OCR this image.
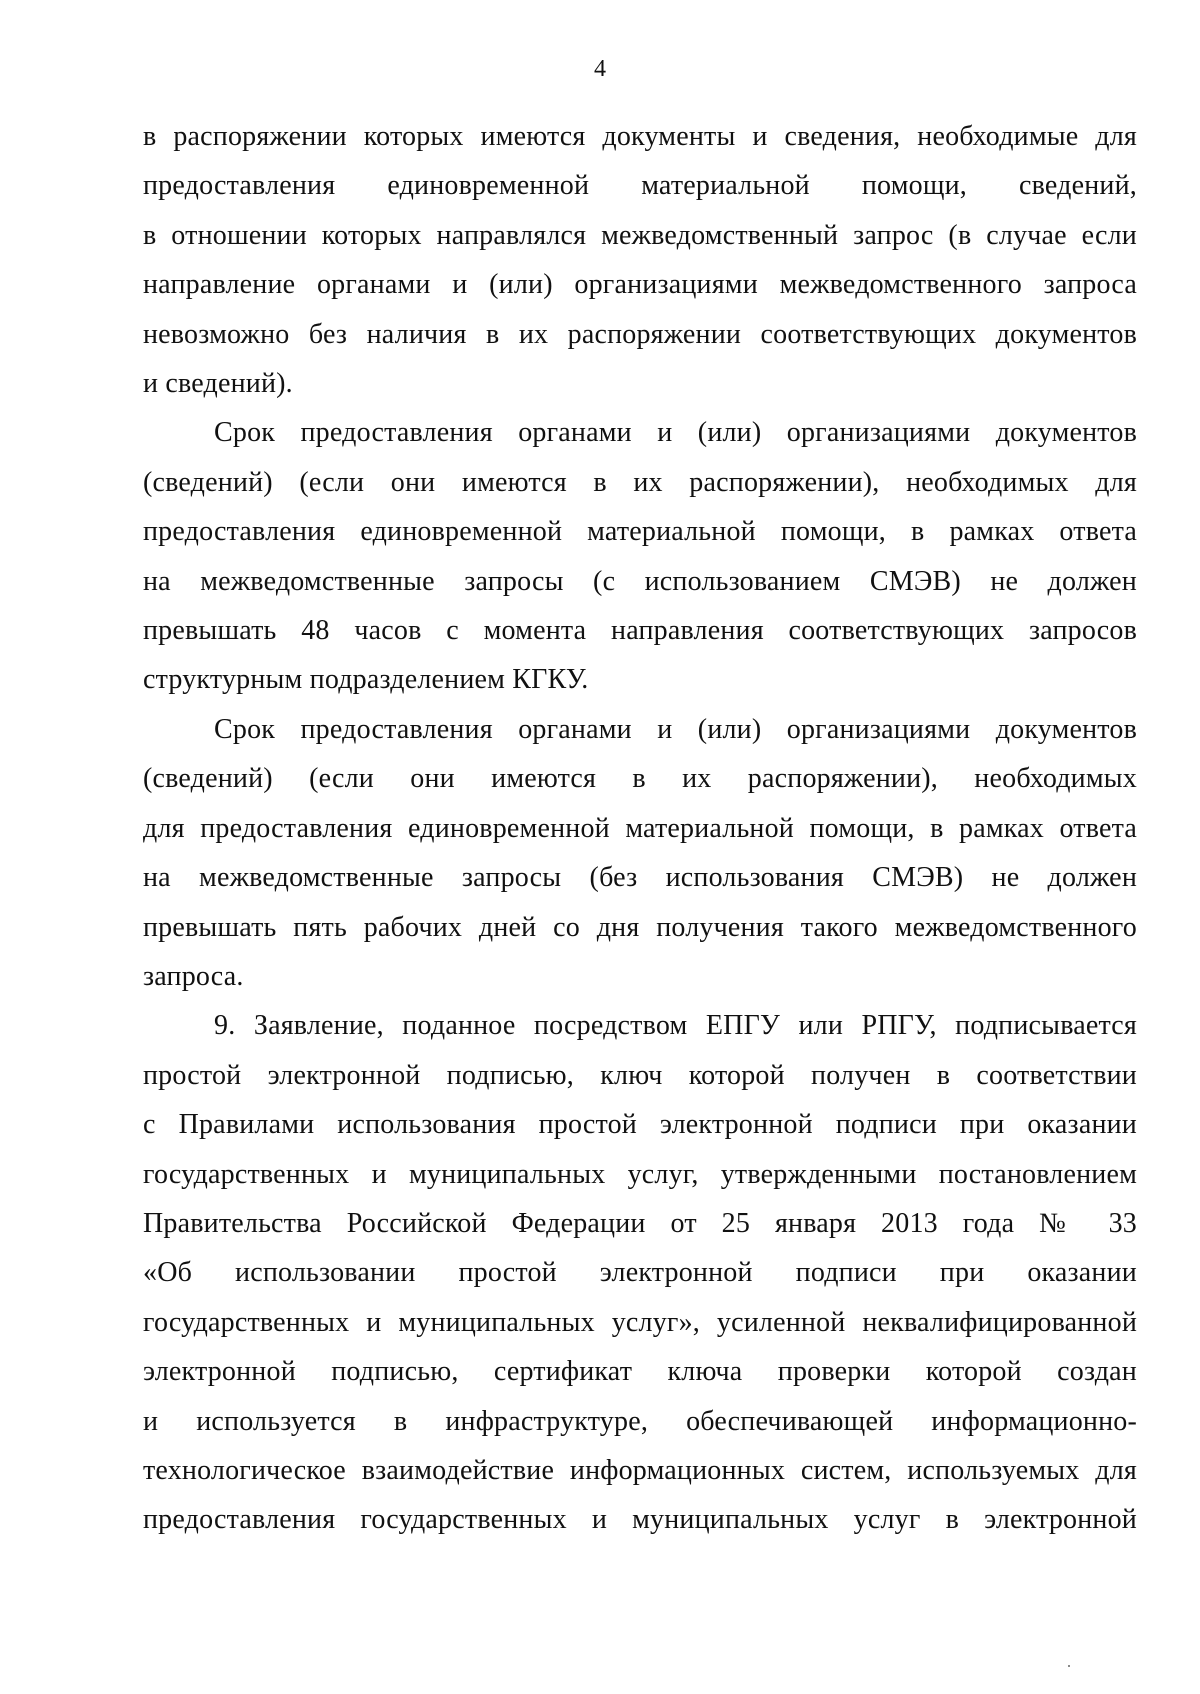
4

в распоряжении которых имеются документы и сведения, необходимые для
предоставления единовременной материальной помощи, сведений,
в отношении которых направлялся межведомственный запрос (в случае если
направление органами и (или) организациями межведомственного запроса
невозможно без наличия в их распоряжении соответствующих документов
и сведений).

Срок предоставления органами и (или) организациями документов
(сведений) (если они имеются в их распоряжении), необходимых для
предоставления единовременной материальной помощи, в рамках ответа
на межведомственные запросы (с использованием СМЭВ) не должен
превышать 48 часов с момента направления соответствующих запросов
структурным подразделением КГКУ.

Срок предоставления органами и (или) организациями документов
(сведений) (если они имеются в их распоряжении), необходимых
для предоставления единовременной материальной помощи, в рамках ответа
на межведомственные запросы (без использования СМЭВ) не должен
превышать пять рабочих дней со дня получения такого межведомственного
запроса.

9. Заявление, поданное посредством ЕПГУ или РПГУ, подписывается
простой электронной подписью, ключ которой получен в соответствии
с Правилами использования простой электронной подписи при оказании
государственных и муниципальных услуг, утвержденными постановлением
Правительства Российской Федерации от 25 января 2013 года № 33
«Об использовании простой электронной подписи при оказании
государственных и муниципальных услуг», усиленной неквалифицированной
электронной подписью, сертификат ключа проверки которой создан
и используется в инфраструктуре, обеспечивающей информационно-
технологическое взаимодействие информационных систем, используемых для
предоставления государственных и муниципальных услуг в электронной
